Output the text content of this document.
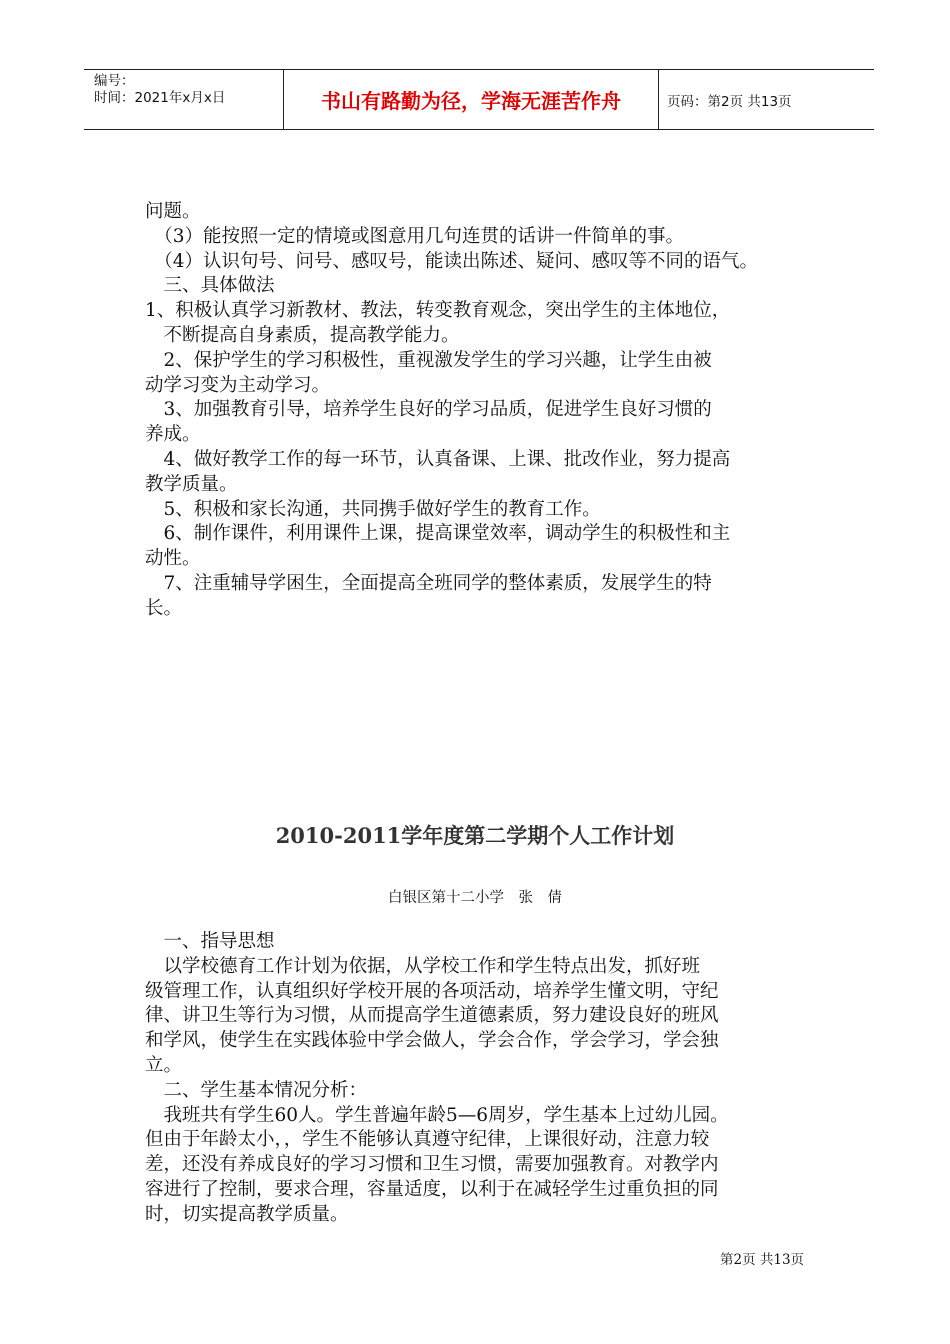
编号：
时间：2021年x月x日	书山有路勤为径，学海无涯苦作舟	页码：第2页 共13页

问题。

　（3）能按照一定的情境或图意用几句连贯的话讲一件简单的事。

　（4）认识句号、问号、感叹号，能读出陈述、疑问、感叹等不同的语气。

　三、具体做法

1、积极认真学习新教材、教法，转变教育观念，突出学生的主体地位，

　不断提高自身素质，提高教学能力。

　2、保护学生的学习积极性，重视激发学生的学习兴趣，让学生由被

动学习变为主动学习。

　3、加强教育引导，培养学生良好的学习品质，促进学生良好习惯的

养成。

　4、做好教学工作的每一环节，认真备课、上课、批改作业，努力提高

教学质量。

　5、积极和家长沟通，共同携手做好学生的教育工作。

　6、制作课件，利用课件上课，提高课堂效率，调动学生的积极性和主

动性。

　7、注重辅导学困生，全面提高全班同学的整体素质，发展学生的特

长。

2010-2011学年度第二学期个人工作计划
白银区第十二小学　张　倩

　一、指导思想

　以学校德育工作计划为依据，从学校工作和学生特点出发，抓好班

级管理工作，认真组织好学校开展的各项活动，培养学生懂文明，守纪

律、讲卫生等行为习惯，从而提高学生道德素质，努力建设良好的班风

和学风，使学生在实践体验中学会做人，学会合作，学会学习，学会独

立。

　二、学生基本情况分析：

　我班共有学生60人。学生普遍年龄5—6周岁，学生基本上过幼儿园。

但由于年龄太小，，学生不能够认真遵守纪律，上课很好动，注意力较

差，还没有养成良好的学习习惯和卫生习惯，需要加强教育。对教学内

容进行了控制，要求合理，容量适度，以利于在减轻学生过重负担的同

时，切实提高教学质量。

第2页 共13页
